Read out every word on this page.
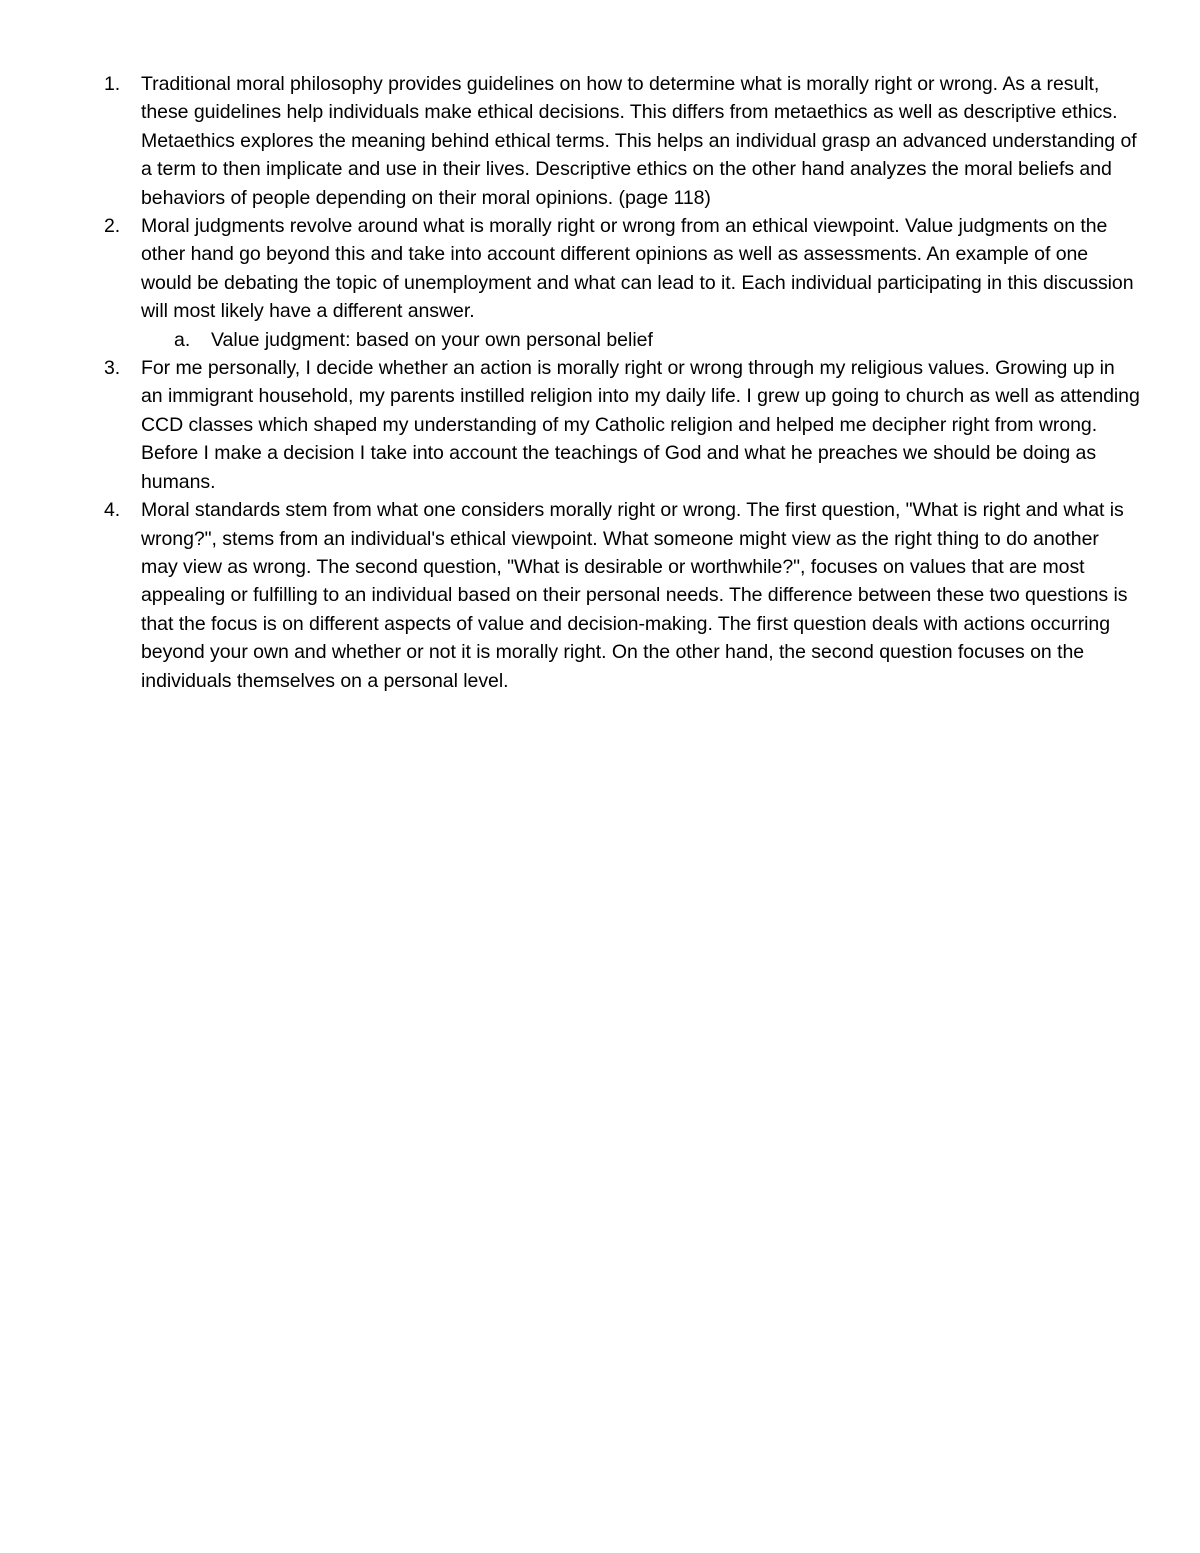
1.	Traditional moral philosophy provides guidelines on how to determine what is morally right or wrong. As a result, these guidelines help individuals make ethical decisions. This differs from metaethics as well as descriptive ethics. Metaethics explores the meaning behind ethical terms. This helps an individual grasp an advanced understanding of a term to then implicate and use in their lives. Descriptive ethics on the other hand analyzes the moral beliefs and behaviors of people depending on their moral opinions. (page 118)
2.	Moral judgments revolve around what is morally right or wrong from an ethical viewpoint. Value judgments on the other hand go beyond this and take into account different opinions as well as assessments. An example of one would be debating the topic of unemployment and what can lead to it. Each individual participating in this discussion will most likely have a different answer.
a.	Value judgment: based on your own personal belief
3.	For me personally, I decide whether an action is morally right or wrong through my religious values. Growing up in an immigrant household, my parents instilled religion into my daily life. I grew up going to church as well as attending CCD classes which shaped my understanding of my Catholic religion and helped me decipher right from wrong. Before I make a decision I take into account the teachings of God and what he preaches we should be doing as humans.
4.	Moral standards stem from what one considers morally right or wrong. The first question, "What is right and what is wrong?", stems from an individual's ethical viewpoint. What someone might view as the right thing to do another may view as wrong. The second question, "What is desirable or worthwhile?", focuses on values that are most appealing or fulfilling to an individual based on their personal needs. The difference between these two questions is that the focus is on different aspects of value and decision-making. The first question deals with actions occurring beyond your own and whether or not it is morally right. On the other hand, the second question focuses on the individuals themselves on a personal level.
